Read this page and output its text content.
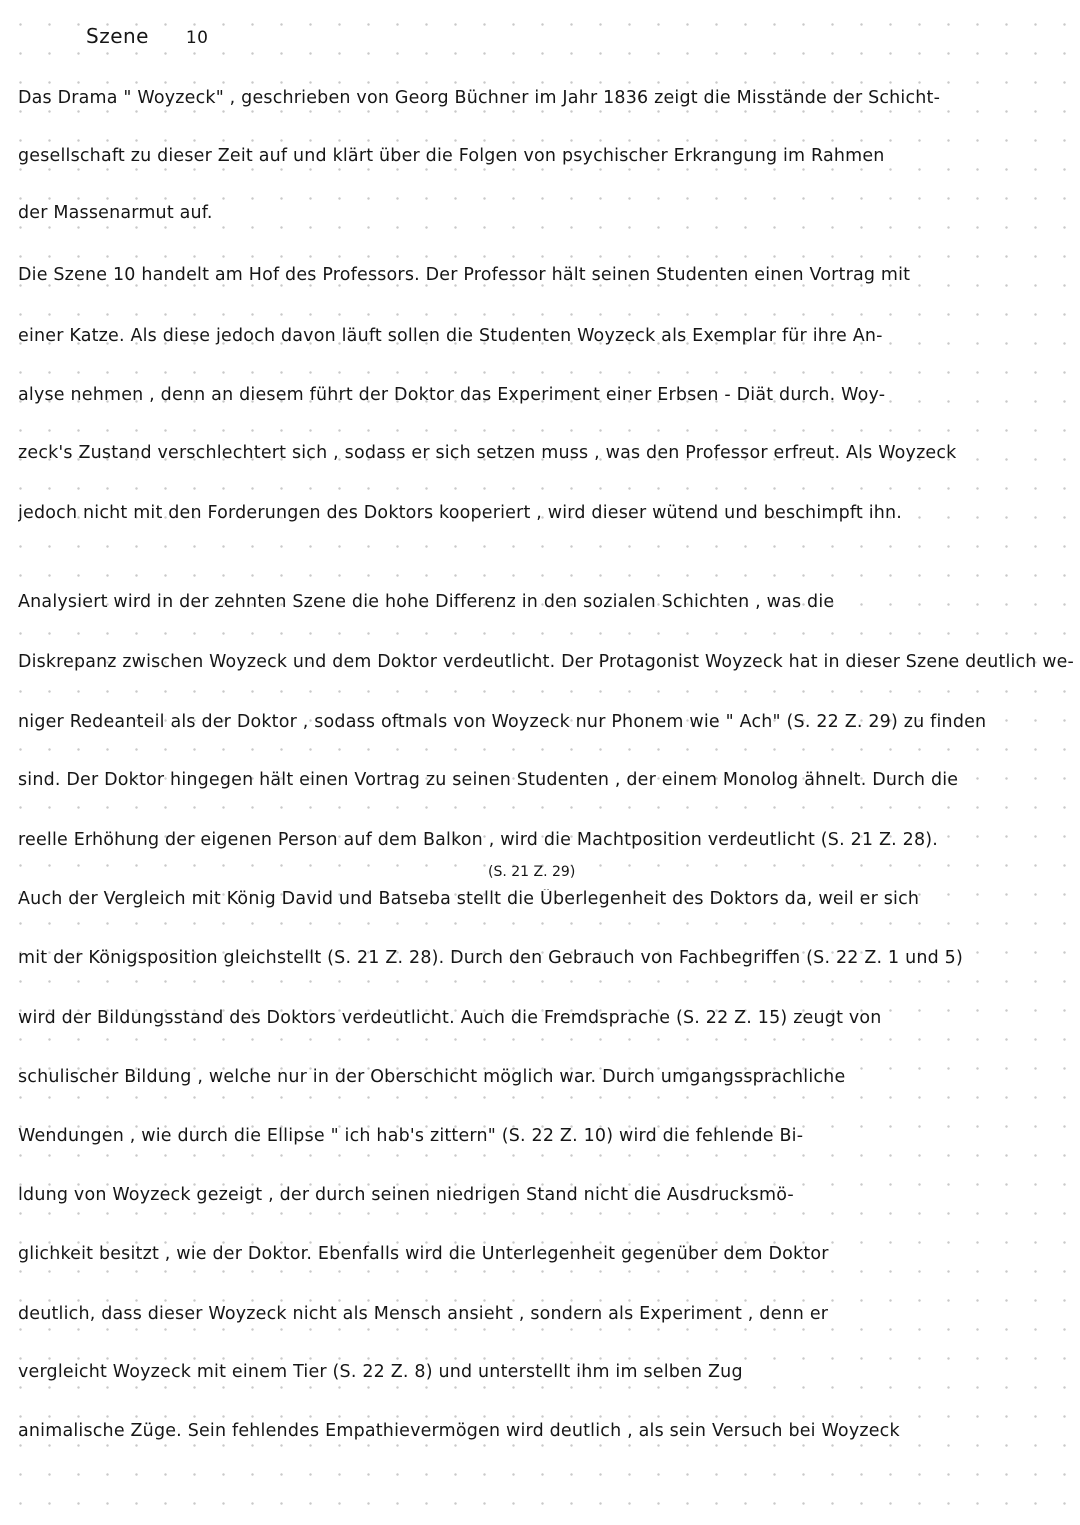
Szene 10
Das Drama " Woyzeck" , geschrieben von Georg Büchner im Jahr 1836 zeigt die Misstände der Schicht-
gesellschaft zu dieser Zeit auf und klärt über die Folgen von psychischer Erkrangung im Rahmen
der Massenarmut auf.
Die Szene 10 handelt am Hof des Professors. Der Professor hält seinen Studenten einen Vortrag mit
einer Katze. Als diese jedoch davon läuft sollen die Studenten Woyzeck als Exemplar für ihre An-
alyse nehmen , denn an diesem führt der Doktor das Experiment einer Erbsen - Diät durch. Woy-
zeck's Zustand verschlechtert sich , sodass er sich setzen muss , was den Professor erfreut. Als Woyzeck
jedoch nicht mit den Forderungen des Doktors kooperiert , wird dieser wütend und beschimpft ihn.
Analysiert wird in der zehnten Szene die hohe Differenz in den sozialen Schichten , was die
Diskrepanz zwischen Woyzeck und dem Doktor verdeutlicht. Der Protagonist Woyzeck hat in dieser Szene deutlich we-
niger Redeanteil als der Doktor , sodass oftmals von Woyzeck nur Phonem wie " Ach" (S. 22 Z. 29) zu finden
sind. Der Doktor hingegen hält einen Vortrag zu seinen Studenten , der einem Monolog ähnelt. Durch die
reelle Erhöhung der eigenen Person auf dem Balkon , wird die Machtposition verdeutlicht (S. 21 Z. 28).
(S. 21 Z. 29)
Auch der Vergleich mit König David und Batseba stellt die Überlegenheit des Doktors da, weil er sich
mit der Königsposition gleichstellt (S. 21 Z. 28). Durch den Gebrauch von Fachbegriffen (S. 22 Z. 1 und 5)
wird der Bildungsstand des Doktors verdeutlicht. Auch die Fremdsprache (S. 22 Z. 15) zeugt von
schulischer Bildung , welche nur in der Oberschicht möglich war. Durch umgangssprachliche
Wendungen , wie durch die Ellipse " ich hab's zittern" (S. 22 Z. 10) wird die fehlende Bi-
ldung von Woyzeck gezeigt , der durch seinen niedrigen Stand nicht die Ausdrucksmö-
glichkeit besitzt , wie der Doktor. Ebenfalls wird die Unterlegenheit gegenüber dem Doktor
deutlich, dass dieser Woyzeck nicht als Mensch ansieht , sondern als Experiment , denn er
vergleicht Woyzeck mit einem Tier (S. 22 Z. 8) und unterstellt ihm im selben Zug
animalische Züge. Sein fehlendes Empathievermögen wird deutlich , als sein Versuch bei Woyzeck
